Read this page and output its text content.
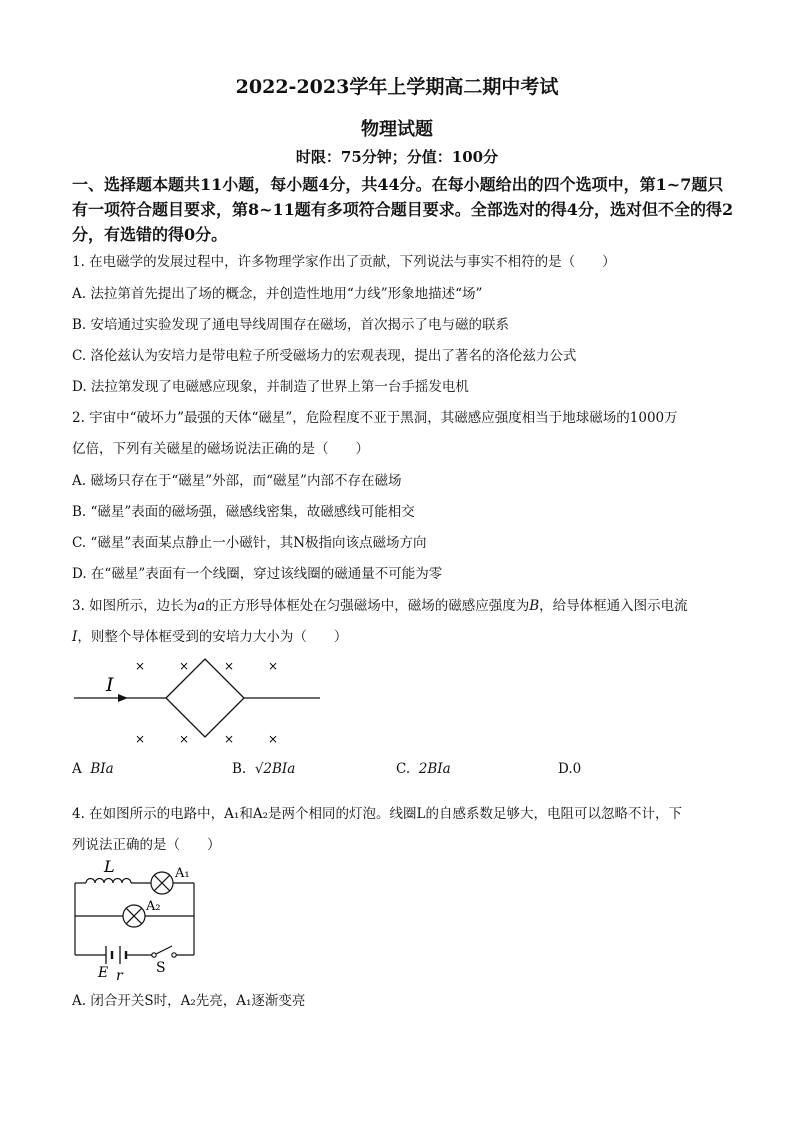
2022-2023学年上学期高二期中考试
物理试题
时限：75分钟；分值：100分
一、选择题本题共11小题，每小题4分，共44分。在每小题给出的四个选项中，第1~7题只
有一项符合题目要求，第8~11题有多项符合题目要求。全部选对的得4分，选对但不全的得2
分，有选错的得0分。
1. 在电磁学的发展过程中，许多物理学家作出了贡献，下列说法与事实不相符的是（　　）
A. 法拉第首先提出了场的概念，并创造性地用“力线”形象地描述“场”
B. 安培通过实验发现了通电导线周围存在磁场，首次揭示了电与磁的联系
C. 洛伦兹认为安培力是带电粒子所受磁场力的宏观表现，提出了著名的洛伦兹力公式
D. 法拉第发现了电磁感应现象，并制造了世界上第一台手摇发电机
2. 宇宙中“破坏力”最强的天体“磁星”，危险程度不亚于黑洞，其磁感应强度相当于地球磁场的1000万
亿倍，下列有关磁星的磁场说法正确的是（　　）
A. 磁场只存在于“磁星”外部，而“磁星”内部不存在磁场
B. “磁星”表面的磁场强，磁感线密集，故磁感线可能相交
C. “磁星”表面某点静止一小磁针，其N极指向该点磁场方向
D. 在“磁星”表面有一个线圈，穿过该线圈的磁通量不可能为零
3. 如图所示，边长为a的正方形导体框处在匀强磁场中，磁场的磁感应强度为B，给导体框通入图示电流
I，则整个导体框受到的安培力大小为（　　）
×	×	×	×
×	×	×	×
I
A BIa	B. √2BIa	C. 2BIa	D.0
4. 在如图所示的电路中，A₁和A₂是两个相同的灯泡。线圈L的自感系数足够大，电阻可以忽略不计，下
列说法正确的是（　　）
L	A₁
A₂
E r S
A. 闭合开关S时，A₂先亮，A₁逐渐变亮
